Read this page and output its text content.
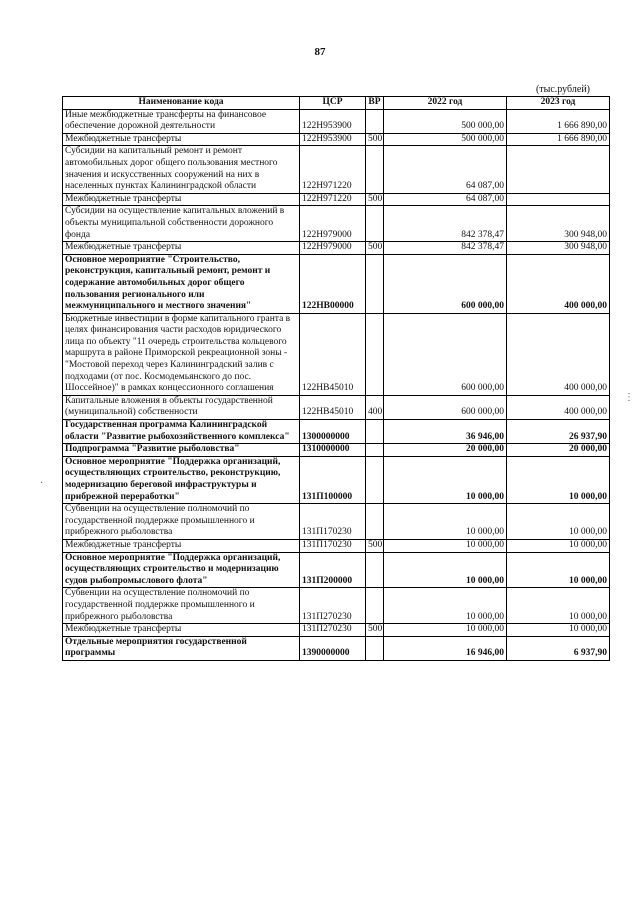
87
(тыс.рублей)
Наименование кода	ЦСР	ВР	2022 год	2023 год
Иные межбюджетные трансферты на финансовое обеспечение дорожной деятельности	122Н953900		500 000,00	1 666 890,00
Межбюджетные трансферты	122Н953900	500	500 000,00	1 666 890,00
Субсидии на капитальный ремонт и ремонт автомобильных дорог общего пользования местного значения и искусственных сооружений на них в населенных пунктах Калининградской области	122Н971220		64 087,00	
Межбюджетные трансферты	122Н971220	500	64 087,00	
Субсидии на осуществление капитальных вложений в объекты муниципальной собственности дорожного фонда	122Н979000		842 378,47	300 948,00
Межбюджетные трансферты	122Н979000	500	842 378,47	300 948,00
Основное мероприятие "Строительство, реконструкция, капитальный ремонт, ремонт и содержание автомобильных дорог общего пользования регионального или межмуниципального и местного значения"	122НВ00000		600 000,00	400 000,00
Бюджетные инвестиции в форме капитального гранта в целях финансирования части расходов юридического лица по объекту "11 очередь строительства кольцевого маршрута в районе Приморской рекреационной зоны - "Мостовой переход через Калининградский залив с подходами (от пос. Космодемьянского до пос. Шоссейное)" в рамках концессионного соглашения	122НВ45010		600 000,00	400 000,00
Капитальные вложения в объекты государственной (муниципальной) собственности	122НВ45010	400	600 000,00	400 000,00
Государственная программа Калининградской области "Развитие рыбохозяйственного комплекса"	1300000000		36 946,00	26 937,90
Подпрограмма "Развитие рыболовства"	1310000000		20 000,00	20 000,00
Основное мероприятие "Поддержка организаций, осуществляющих строительство, реконструкцию, модернизацию береговой инфраструктуры и прибрежной переработки"	131П100000		10 000,00	10 000,00
Субвенции на осуществление полномочий по государственной поддержке промышленного и прибрежного рыболовства	131П170230		10 000,00	10 000,00
Межбюджетные трансферты	131П170230	500	10 000,00	10 000,00
Основное мероприятие "Поддержка организаций, осуществляющих строительство и модернизацию судов рыбопромыслового флота"	131П200000		10 000,00	10 000,00
Субвенции на осуществление полномочий по государственной поддержке промышленного и прибрежного рыболовства	131П270230		10 000,00	10 000,00
Межбюджетные трансферты	131П270230	500	10 000,00	10 000,00
Отдельные мероприятия государственной программы	1390000000		16 946,00	6 937,90
⋮
·
